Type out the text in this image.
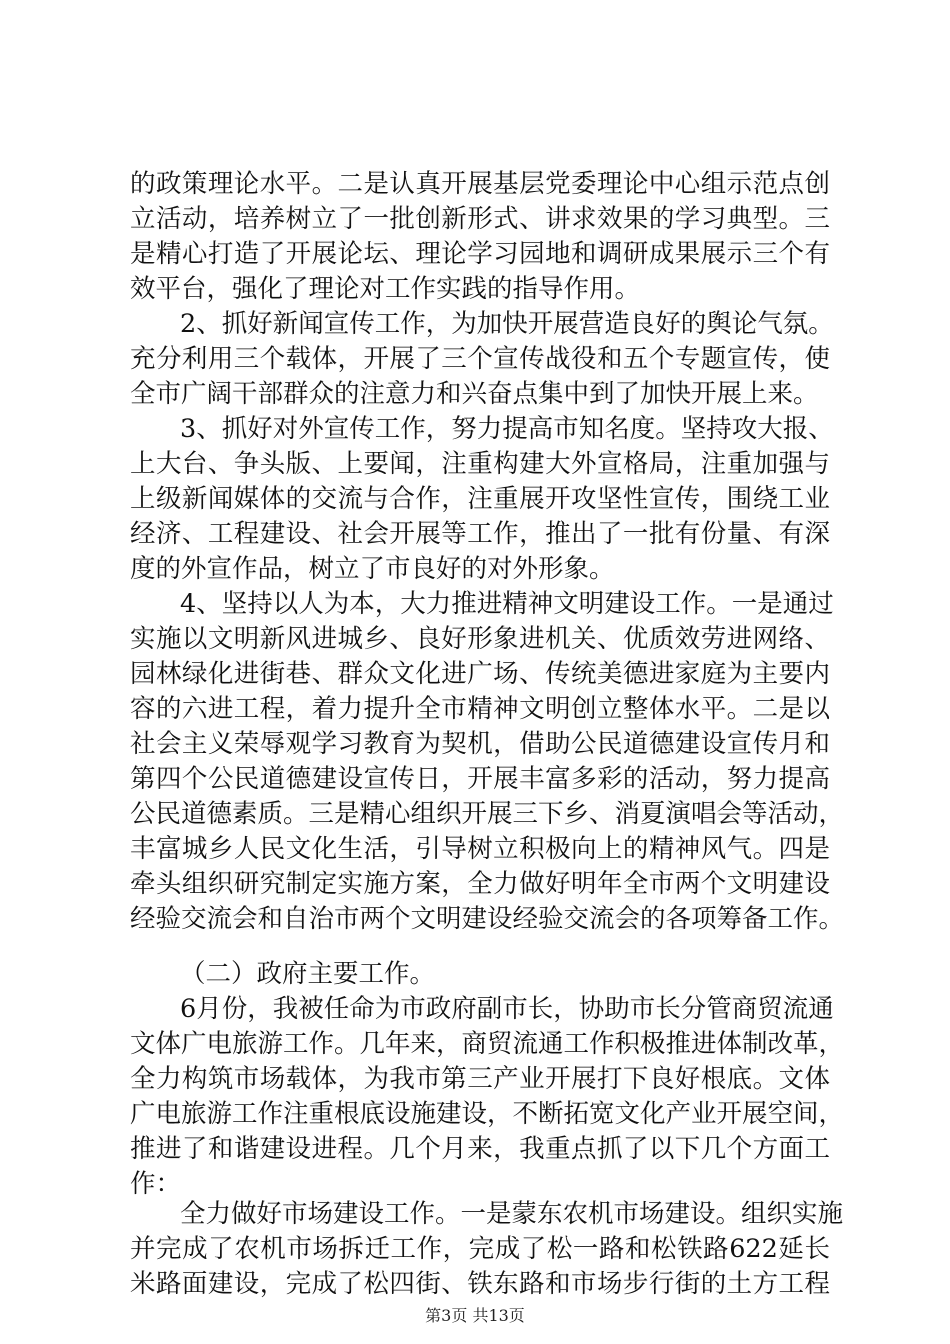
的政策理论水平。二是认真开展基层党委理论中心组示范点创
立活动，培养树立了一批创新形式、讲求效果的学习典型。三
是精心打造了开展论坛、理论学习园地和调研成果展示三个有
效平台，强化了理论对工作实践的指导作用。
2、抓好新闻宣传工作，为加快开展营造良好的舆论气氛。
充分利用三个载体，开展了三个宣传战役和五个专题宣传，使
全市广阔干部群众的注意力和兴奋点集中到了加快开展上来。
3、抓好对外宣传工作，努力提高市知名度。坚持攻大报、
上大台、争头版、上要闻，注重构建大外宣格局，注重加强与
上级新闻媒体的交流与合作，注重展开攻坚性宣传，围绕工业
经济、工程建设、社会开展等工作，推出了一批有份量、有深
度的外宣作品，树立了市良好的对外形象。
4、坚持以人为本，大力推进精神文明建设工作。一是通过
实施以文明新风进城乡、良好形象进机关、优质效劳进网络、
园林绿化进街巷、群众文化进广场、传统美德进家庭为主要内
容的六进工程，着力提升全市精神文明创立整体水平。二是以
社会主义荣辱观学习教育为契机，借助公民道德建设宣传月和
第四个公民道德建设宣传日，开展丰富多彩的活动，努力提高
公民道德素质。三是精心组织开展三下乡、消夏演唱会等活动，
丰富城乡人民文化生活，引导树立积极向上的精神风气。四是
牵头组织研究制定实施方案，全力做好明年全市两个文明建设
经验交流会和自治市两个文明建设经验交流会的各项筹备工作。
（二）政府主要工作。
6月份，我被任命为市政府副市长，协助市长分管商贸流通
文体广电旅游工作。几年来，商贸流通工作积极推进体制改革，
全力构筑市场载体，为我市第三产业开展打下良好根底。文体
广电旅游工作注重根底设施建设，不断拓宽文化产业开展空间，
推进了和谐建设进程。几个月来，我重点抓了以下几个方面工
作：
全力做好市场建设工作。一是蒙东农机市场建设。组织实施
并完成了农机市场拆迁工作，完成了松一路和松铁路622延长
米路面建设，完成了松四街、铁东路和市场步行街的土方工程
第3页 共13页
